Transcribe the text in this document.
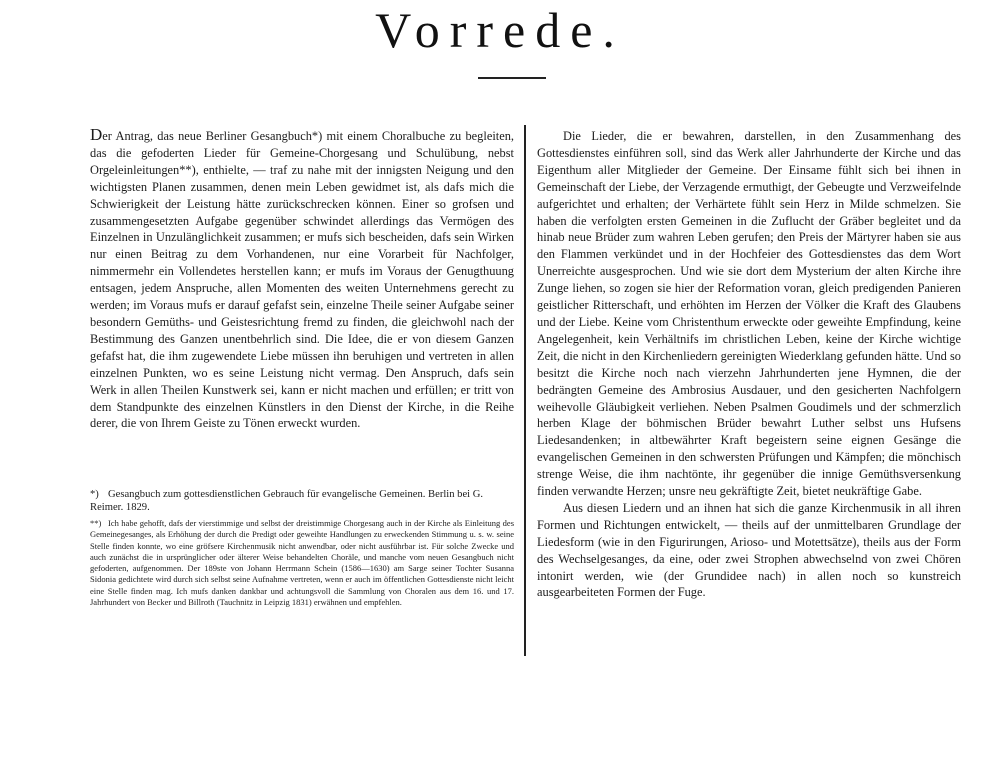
Vorrede.

Der Antrag, das neue Berliner Gesangbuch*) mit einem Choralbuche zu begleiten, das die gefoderten Lieder für Gemeine-Chorgesang und Schulübung, nebst Orgeleinleitungen**), enthielte, — traf zu nahe mit der innigsten Neigung und den wichtigsten Planen zusammen, denen mein Leben gewidmet ist, als dafs mich die Schwierigkeit der Leistung hätte zurückschrecken können. Einer so grofsen und zusammengesetzten Aufgabe gegenüber schwindet allerdings das Vermögen des Einzelnen in Unzulänglichkeit zusammen; er mufs sich bescheiden, dafs sein Wirken nur einen Beitrag zu dem Vorhandenen, nur eine Vorarbeit für Nachfolger, nimmermehr ein Vollendetes herstellen kann; er mufs im Voraus der Genugthuung entsagen, jedem Anspruche, allen Momenten des weiten Unternehmens gerecht zu werden; im Voraus mufs er darauf gefafst sein, einzelne Theile seiner Aufgabe seiner besondern Gemüths- und Geistesrichtung fremd zu finden, die gleichwohl nach der Bestimmung des Ganzen unentbehrlich sind. Die Idee, die er von diesem Ganzen gefafst hat, die ihm zugewendete Liebe müssen ihn beruhigen und vertreten in allen einzelnen Punkten, wo es seine Leistung nicht vermag. Den Anspruch, dafs sein Werk in allen Theilen Kunstwerk sei, kann er nicht machen und erfüllen; er tritt von dem Standpunkte des einzelnen Künstlers in den Dienst der Kirche, in die Reihe derer, die von Ihrem Geiste zu Tönen erweckt wurden.

*) Gesangbuch zum gottesdienstlichen Gebrauch für evangelische Gemeinen. Berlin bei G. Reimer. 1829.

**) Ich habe gehofft, dafs der vierstimmige und selbst der dreistimmige Chorgesang auch in der Kirche als Einleitung des Gemeinegesanges, als Erhöhung der durch die Predigt oder geweihte Handlungen zu erweckenden Stimmung u. s. w. seine Stelle finden konnte, wo eine gröfsere Kirchenmusik nicht anwendbar, oder nicht ausführbar ist. Für solche Zwecke und auch zunächst die in ursprünglicher oder älterer Weise behandelten Choräle, und manche vom neuen Gesangbuch nicht gefoderten, aufgenommen. Der 189ste von Johann Herrmann Schein (1586—1630) am Sarge seiner Tochter Susanna Sidonia gedichtete wird durch sich selbst seine Aufnahme vertreten, wenn er auch im öffentlichen Gottesdienste nicht leicht eine Stelle finden mag. Ich mufs danken dankbar und achtungsvoll die Sammlung von Choralen aus dem 16. und 17. Jahrhundert von Becker und Billroth (Tauchnitz in Leipzig 1831) erwähnen und empfehlen.

Die Lieder, die er bewahren, darstellen, in den Zusammenhang des Gottesdienstes einführen soll, sind das Werk aller Jahrhunderte der Kirche und das Eigenthum aller Mitglieder der Gemeine. Der Einsame fühlt sich bei ihnen in Gemeinschaft der Liebe, der Verzagende ermuthigt, der Gebeugte und Verzweifelnde aufgerichtet und erhalten; der Verhärtete fühlt sein Herz in Milde schmelzen. Sie haben die verfolgten ersten Gemeinen in die Zuflucht der Gräber begleitet und da hinab neue Brüder zum wahren Leben gerufen; den Preis der Märtyrer haben sie aus den Flammen verkündet und in der Hochfeier des Gottesdienstes das dem Wort Unerreichte ausgesprochen. Und wie sie dort dem Mysterium der alten Kirche ihre Zunge liehen, so zogen sie hier der Reformation voran, gleich predigenden Panieren geistlicher Ritterschaft, und erhöhten im Herzen der Völker die Kraft des Glaubens und der Liebe. Keine vom Christenthum erweckte oder geweihte Empfindung, keine Angelegenheit, kein Verhältnifs im christlichen Leben, keine der Kirche wichtige Zeit, die nicht in den Kirchenliedern gereinigten Wiederklang gefunden hätte. Und so besitzt die Kirche noch nach vierzehn Jahrhunderten jene Hymnen, die der bedrängten Gemeine des Ambrosius Ausdauer, und den gesicherten Nachfolgern weihevolle Gläubigkeit verliehen. Neben Psalmen Goudimels und der schmerzlich herben Klage der böhmischen Brüder bewahrt Luther selbst uns Hufsens Liedesandenken; in altbewährter Kraft begeistern seine eignen Gesänge die evangelischen Gemeinen in den schwersten Prüfungen und Kämpfen; die mönchisch strenge Weise, die ihm nachtönte, ihr gegenüber die innige Gemüthsversenkung finden verwandte Herzen; unsre neu gekräftigte Zeit, bietet neukräftige Gabe.

Aus diesen Liedern und an ihnen hat sich die ganze Kirchenmusik in all ihren Formen und Richtungen entwickelt, — theils auf der unmittelbaren Grundlage der Liedesform (wie in den Figurirungen, Arioso- und Motettsätze), theils aus der Form des Wechselgesanges, da eine, oder zwei Strophen abwechselnd von zwei Chören intonirt werden, wie (der Grundidee nach) in allen noch so kunstreich ausgearbeiteten Formen der Fuge.
